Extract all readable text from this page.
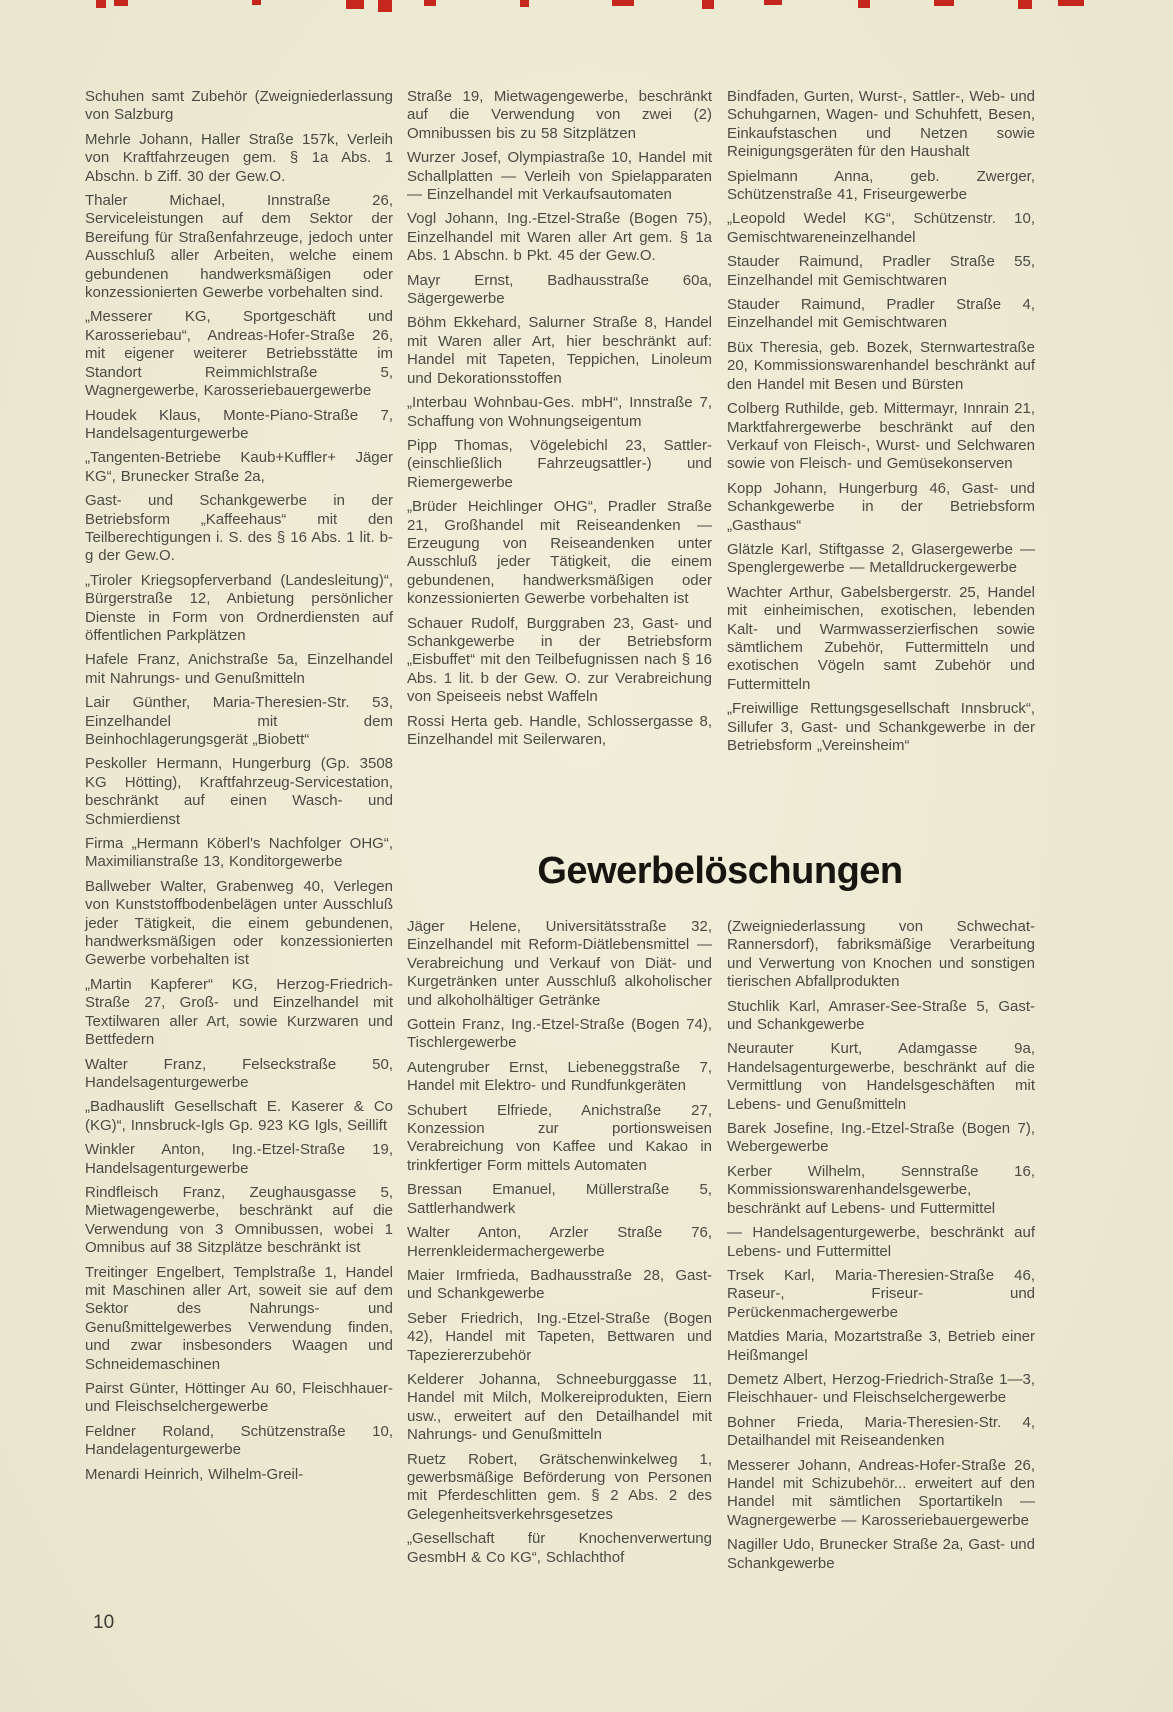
Schuhen samt Zubehör (Zweigniederlassung von Salzburg

Mehrle Johann, Haller Straße 157k, Verleih von Kraftfahrzeugen gem. § 1a Abs. 1 Abschn. b Ziff. 30 der Gew.O.

Thaler Michael, Innstraße 26, Serviceleistungen auf dem Sektor der Bereifung für Straßenfahrzeuge, jedoch unter Ausschluß aller Arbeiten, welche einem gebundenen handwerksmäßigen oder konzessionierten Gewerbe vorbehalten sind.

„Messerer KG, Sportgeschäft und Karosseriebau“, Andreas-Hofer-Straße 26, mit eigener weiterer Betriebsstätte im Standort Reimmichlstraße 5, Wagnergewerbe, Karosseriebauergewerbe

Houdek Klaus, Monte-Piano-Straße 7, Handelsagenturgewerbe

„Tangenten-Betriebe Kaub+Kuffler+ Jäger KG“, Brunecker Straße 2a,

Gast- und Schankgewerbe in der Betriebsform „Kaffeehaus“ mit den Teilberechtigungen i. S. des § 16 Abs. 1 lit. b-g der Gew.O.

„Tiroler Kriegsopferverband (Landesleitung)“, Bürgerstraße 12, Anbietung persönlicher Dienste in Form von Ordnerdiensten auf öffentlichen Parkplätzen

Hafele Franz, Anichstraße 5a, Einzelhandel mit Nahrungs- und Genußmitteln

Lair Günther, Maria-Theresien-Str. 53, Einzelhandel mit dem Beinhochlagerungsgerät „Biobett“

Peskoller Hermann, Hungerburg (Gp. 3508 KG Hötting), Kraftfahrzeug-Servicestation, beschränkt auf einen Wasch- und Schmierdienst

Firma „Hermann Köberl's Nachfolger OHG“, Maximilianstraße 13, Konditorgewerbe

Ballweber Walter, Grabenweg 40, Verlegen von Kunststoffbodenbelägen unter Ausschluß jeder Tätigkeit, die einem gebundenen, handwerksmäßigen oder konzessionierten Gewerbe vorbehalten ist

„Martin Kapferer“ KG, Herzog-Friedrich-Straße 27, Groß- und Einzelhandel mit Textilwaren aller Art, sowie Kurzwaren und Bettfedern

Walter Franz, Felseckstraße 50, Handelsagenturgewerbe

„Badhauslift Gesellschaft E. Kaserer & Co (KG)“, Innsbruck-Igls Gp. 923 KG Igls, Seillift

Winkler Anton, Ing.-Etzel-Straße 19, Handelsagenturgewerbe

Rindfleisch Franz, Zeughausgasse 5, Mietwagengewerbe, beschränkt auf die Verwendung von 3 Omnibussen, wobei 1 Omnibus auf 38 Sitzplätze beschränkt ist

Treitinger Engelbert, Templstraße 1, Handel mit Maschinen aller Art, soweit sie auf dem Sektor des Nahrungs- und Genußmittelgewerbes Verwendung finden, und zwar insbesonders Waagen und Schneidemaschinen

Pairst Günter, Höttinger Au 60, Fleischhauer- und Fleischselchergewerbe

Feldner Roland, Schützenstraße 10, Handelagenturgewerbe

Menardi Heinrich, Wilhelm-Greil-

Straße 19, Mietwagengewerbe, beschränkt auf die Verwendung von zwei (2) Omnibussen bis zu 58 Sitzplätzen

Wurzer Josef, Olympiastraße 10, Handel mit Schallplatten — Verleih von Spielapparaten — Einzelhandel mit Verkaufsautomaten

Vogl Johann, Ing.-Etzel-Straße (Bogen 75), Einzelhandel mit Waren aller Art gem. § 1a Abs. 1 Abschn. b Pkt. 45 der Gew.O.

Mayr Ernst, Badhausstraße 60a, Sägergewerbe

Böhm Ekkehard, Salurner Straße 8, Handel mit Waren aller Art, hier beschränkt auf: Handel mit Tapeten, Teppichen, Linoleum und Dekorationsstoffen

„Interbau Wohnbau-Ges. mbH“, Innstraße 7, Schaffung von Wohnungseigentum

Pipp Thomas, Vögelebichl 23, Sattler- (einschließlich Fahrzeugsattler-) und Riemergewerbe

„Brüder Heichlinger OHG“, Pradler Straße 21, Großhandel mit Reiseandenken — Erzeugung von Reiseandenken unter Ausschluß jeder Tätigkeit, die einem gebundenen, handwerksmäßigen oder konzessionierten Gewerbe vorbehalten ist

Schauer Rudolf, Burggraben 23, Gast- und Schankgewerbe in der Betriebsform „Eisbuffet“ mit den Teilbefugnissen nach § 16 Abs. 1 lit. b der Gew. O. zur Verabreichung von Speiseeis nebst Waffeln

Rossi Herta geb. Handle, Schlossergasse 8, Einzelhandel mit Seilerwaren,

Bindfaden, Gurten, Wurst-, Sattler-, Web- und Schuhgarnen, Wagen- und Schuhfett, Besen, Einkaufstaschen und Netzen sowie Reinigungsgeräten für den Haushalt

Spielmann Anna, geb. Zwerger, Schützenstraße 41, Friseurgewerbe

„Leopold Wedel KG“, Schützenstr. 10, Gemischtwareneinzelhandel

Stauder Raimund, Pradler Straße 55, Einzelhandel mit Gemischtwaren

Stauder Raimund, Pradler Straße 4, Einzelhandel mit Gemischtwaren

Büx Theresia, geb. Bozek, Sternwartestraße 20, Kommissionswarenhandel beschränkt auf den Handel mit Besen und Bürsten

Colberg Ruthilde, geb. Mittermayr, Innrain 21, Marktfahrergewerbe beschränkt auf den Verkauf von Fleisch-, Wurst- und Selchwaren sowie von Fleisch- und Gemüsekonserven

Kopp Johann, Hungerburg 46, Gast- und Schankgewerbe in der Betriebsform „Gasthaus“

Glätzle Karl, Stiftgasse 2, Glasergewerbe — Spenglergewerbe — Metalldruckergewerbe

Wachter Arthur, Gabelsbergerstr. 25, Handel mit einheimischen, exotischen, lebenden Kalt- und Warmwasserzierfischen sowie sämtlichem Zubehör, Futtermitteln und exotischen Vögeln samt Zubehör und Futtermitteln

„Freiwillige Rettungsgesellschaft Innsbruck“, Sillufer 3, Gast- und Schankgewerbe in der Betriebsform „Vereinsheim“

Gewerbelöschungen

Jäger Helene, Universitätsstraße 32, Einzelhandel mit Reform-Diätlebensmittel — Verabreichung und Verkauf von Diät- und Kurgetränken unter Ausschluß alkoholischer und alkoholhältiger Getränke

Gottein Franz, Ing.-Etzel-Straße (Bogen 74), Tischlergewerbe

Autengruber Ernst, Liebeneggstraße 7, Handel mit Elektro- und Rundfunkgeräten

Schubert Elfriede, Anichstraße 27, Konzession zur portionsweisen Verabreichung von Kaffee und Kakao in trinkfertiger Form mittels Automaten

Bressan Emanuel, Müllerstraße 5, Sattlerhandwerk

Walter Anton, Arzler Straße 76, Herrenkleidermachergewerbe

Maier Irmfrieda, Badhausstraße 28, Gast- und Schankgewerbe

Seber Friedrich, Ing.-Etzel-Straße (Bogen 42), Handel mit Tapeten, Bettwaren und Tapeziererzubehör

Kelderer Johanna, Schneeburggasse 11, Handel mit Milch, Molkereiprodukten, Eiern usw., erweitert auf den Detailhandel mit Nahrungs- und Genußmitteln

Ruetz Robert, Grätschenwinkelweg 1, gewerbsmäßige Beförderung von Personen mit Pferdeschlitten gem. § 2 Abs. 2 des Gelegenheitsverkehrsgesetzes

„Gesellschaft für Knochenverwertung GesmbH & Co KG“, Schlachthof

(Zweigniederlassung von Schwechat-Rannersdorf), fabriksmäßige Verarbeitung und Verwertung von Knochen und sonstigen tierischen Abfallprodukten

Stuchlik Karl, Amraser-See-Straße 5, Gast- und Schankgewerbe

Neurauter Kurt, Adamgasse 9a, Handelsagenturgewerbe, beschränkt auf die Vermittlung von Handelsgeschäften mit Lebens- und Genußmitteln

Barek Josefine, Ing.-Etzel-Straße (Bogen 7), Webergewerbe

Kerber Wilhelm, Sennstraße 16, Kommissionswarenhandelsgewerbe, beschränkt auf Lebens- und Futtermittel

— Handelsagenturgewerbe, beschränkt auf Lebens- und Futtermittel

Trsek Karl, Maria-Theresien-Straße 46, Raseur-, Friseur- und Perückenmachergewerbe

Matdies Maria, Mozartstraße 3, Betrieb einer Heißmangel

Demetz Albert, Herzog-Friedrich-Straße 1—3, Fleischhauer- und Fleischselchergewerbe

Bohner Frieda, Maria-Theresien-Str. 4, Detailhandel mit Reiseandenken

Messerer Johann, Andreas-Hofer-Straße 26, Handel mit Schizubehör... erweitert auf den Handel mit sämtlichen Sportartikeln — Wagnergewerbe — Karosseriebauergewerbe

Nagiller Udo, Brunecker Straße 2a, Gast- und Schankgewerbe

10
